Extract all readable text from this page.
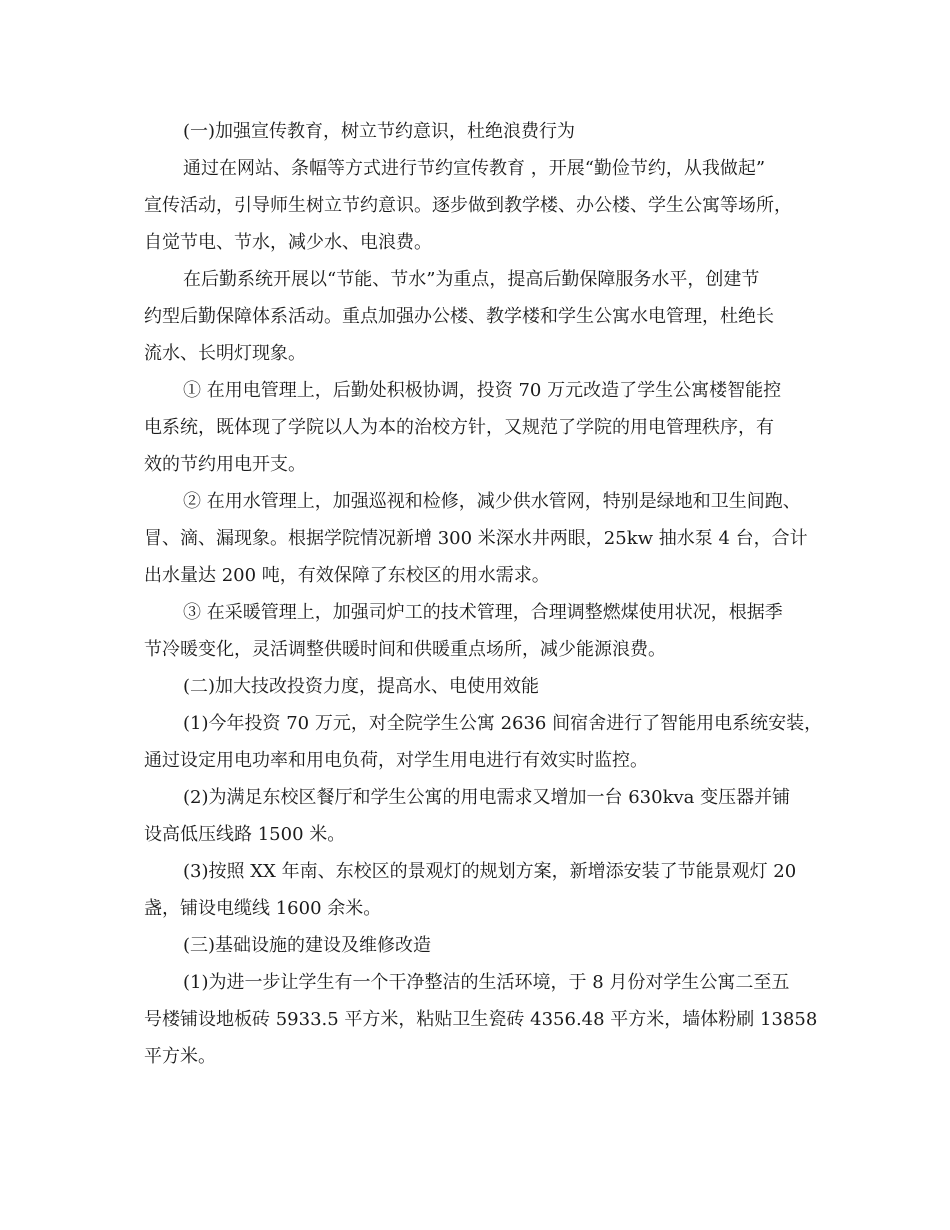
(一)加强宣传教育，树立节约意识，杜绝浪费行为

通过在网站、条幅等方式进行节约宣传教育 ，开展“勤俭节约，从我做起”

宣传活动，引导师生树立节约意识。逐步做到教学楼、办公楼、学生公寓等场所，

自觉节电、节水，减少水、电浪费。

在后勤系统开展以“节能、节水”为重点，提高后勤保障服务水平，创建节

约型后勤保障体系活动。重点加强办公楼、教学楼和学生公寓水电管理，杜绝长

流水、长明灯现象。

① 在用电管理上，后勤处积极协调，投资 70 万元改造了学生公寓楼智能控

电系统，既体现了学院以人为本的治校方针，又规范了学院的用电管理秩序，有

效的节约用电开支。

② 在用水管理上，加强巡视和检修，减少供水管网，特别是绿地和卫生间跑、

冒、滴、漏现象。根据学院情况新增 300 米深水井两眼，25kw 抽水泵 4 台，合计

出水量达 200 吨，有效保障了东校区的用水需求。

③ 在采暖管理上，加强司炉工的技术管理，合理调整燃煤使用状况，根据季

节冷暖变化，灵活调整供暖时间和供暖重点场所，减少能源浪费。

(二)加大技改投资力度，提高水、电使用效能

(1)今年投资 70 万元，对全院学生公寓 2636 间宿舍进行了智能用电系统安装，

通过设定用电功率和用电负荷，对学生用电进行有效实时监控。

(2)为满足东校区餐厅和学生公寓的用电需求又增加一台 630kva 变压器并铺

设高低压线路 1500 米。

(3)按照 XX 年南、东校区的景观灯的规划方案，新增添安装了节能景观灯 20

盏，铺设电缆线 1600 余米。

(三)基础设施的建设及维修改造

(1)为进一步让学生有一个干净整洁的生活环境，于 8 月份对学生公寓二至五

号楼铺设地板砖 5933.5 平方米，粘贴卫生瓷砖 4356.48 平方米，墙体粉刷 13858

平方米。
